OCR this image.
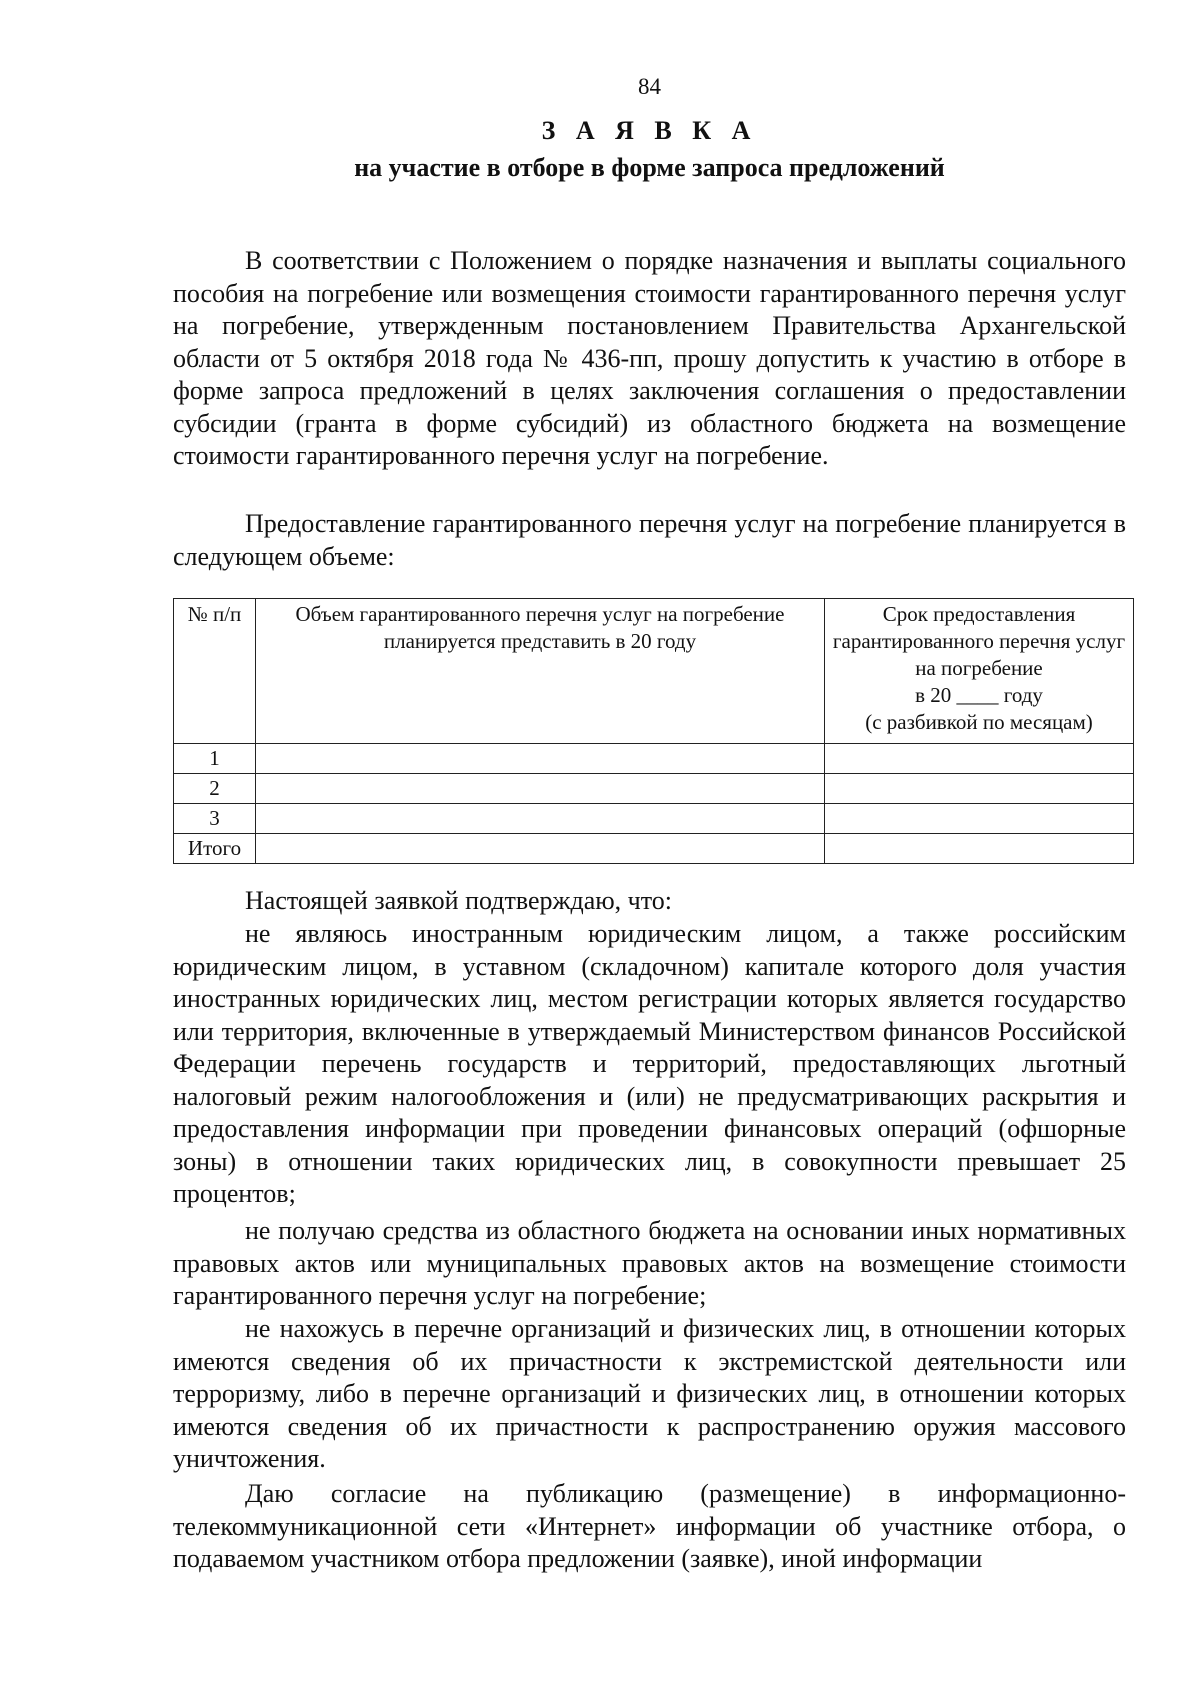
84
З А Я В К А
на участие в отборе в форме запроса предложений

В соответствии с Положением о порядке назначения и выплаты социального пособия на погребение или возмещения стоимости гарантированного перечня услуг на погребение, утвержденным постановлением Правительства Архангельской области от 5 октября 2018 года № 436-пп, прошу допустить к участию в отборе в форме запроса предложений в целях заключения соглашения о предоставлении субсидии (гранта в форме субсидий) из областного бюджета на возмещение стоимости гарантированного перечня услуг на погребение.

Предоставление гарантированного перечня услуг на погребение планируется в следующем объеме:

№ п/п	Объем гарантированного перечня услуг на погребение планируется представить в 20 году	Срок предоставления гарантированного перечня услуг на погребение
в 20 ____ году
(с разбивкой по месяцам)

1		
2		
3		
Итого		

Настоящей заявкой подтверждаю, что:

не являюсь иностранным юридическим лицом, а также российским юридическим лицом, в уставном (складочном) капитале которого доля участия иностранных юридических лиц, местом регистрации которых является государство или территория, включенные в утверждаемый Министерством финансов Российской Федерации перечень государств и территорий, предоставляющих льготный налоговый режим налогообложения и (или) не предусматривающих раскрытия и предоставления информации при проведении финансовых операций (офшорные зоны) в отношении таких юридических лиц, в совокупности превышает 25 процентов;

не получаю средства из областного бюджета на основании иных нормативных правовых актов или муниципальных правовых актов на возмещение стоимости гарантированного перечня услуг на погребение;

не нахожусь в перечне организаций и физических лиц, в отношении которых имеются сведения об их причастности к экстремистской деятельности или терроризму, либо в перечне организаций и физических лиц, в отношении которых имеются сведения об их причастности к распространению оружия массового уничтожения.

Даю согласие на публикацию (размещение) в информационно-телекоммуникационной сети «Интернет» информации об участнике отбора, о подаваемом участником отбора предложении (заявке), иной информации
